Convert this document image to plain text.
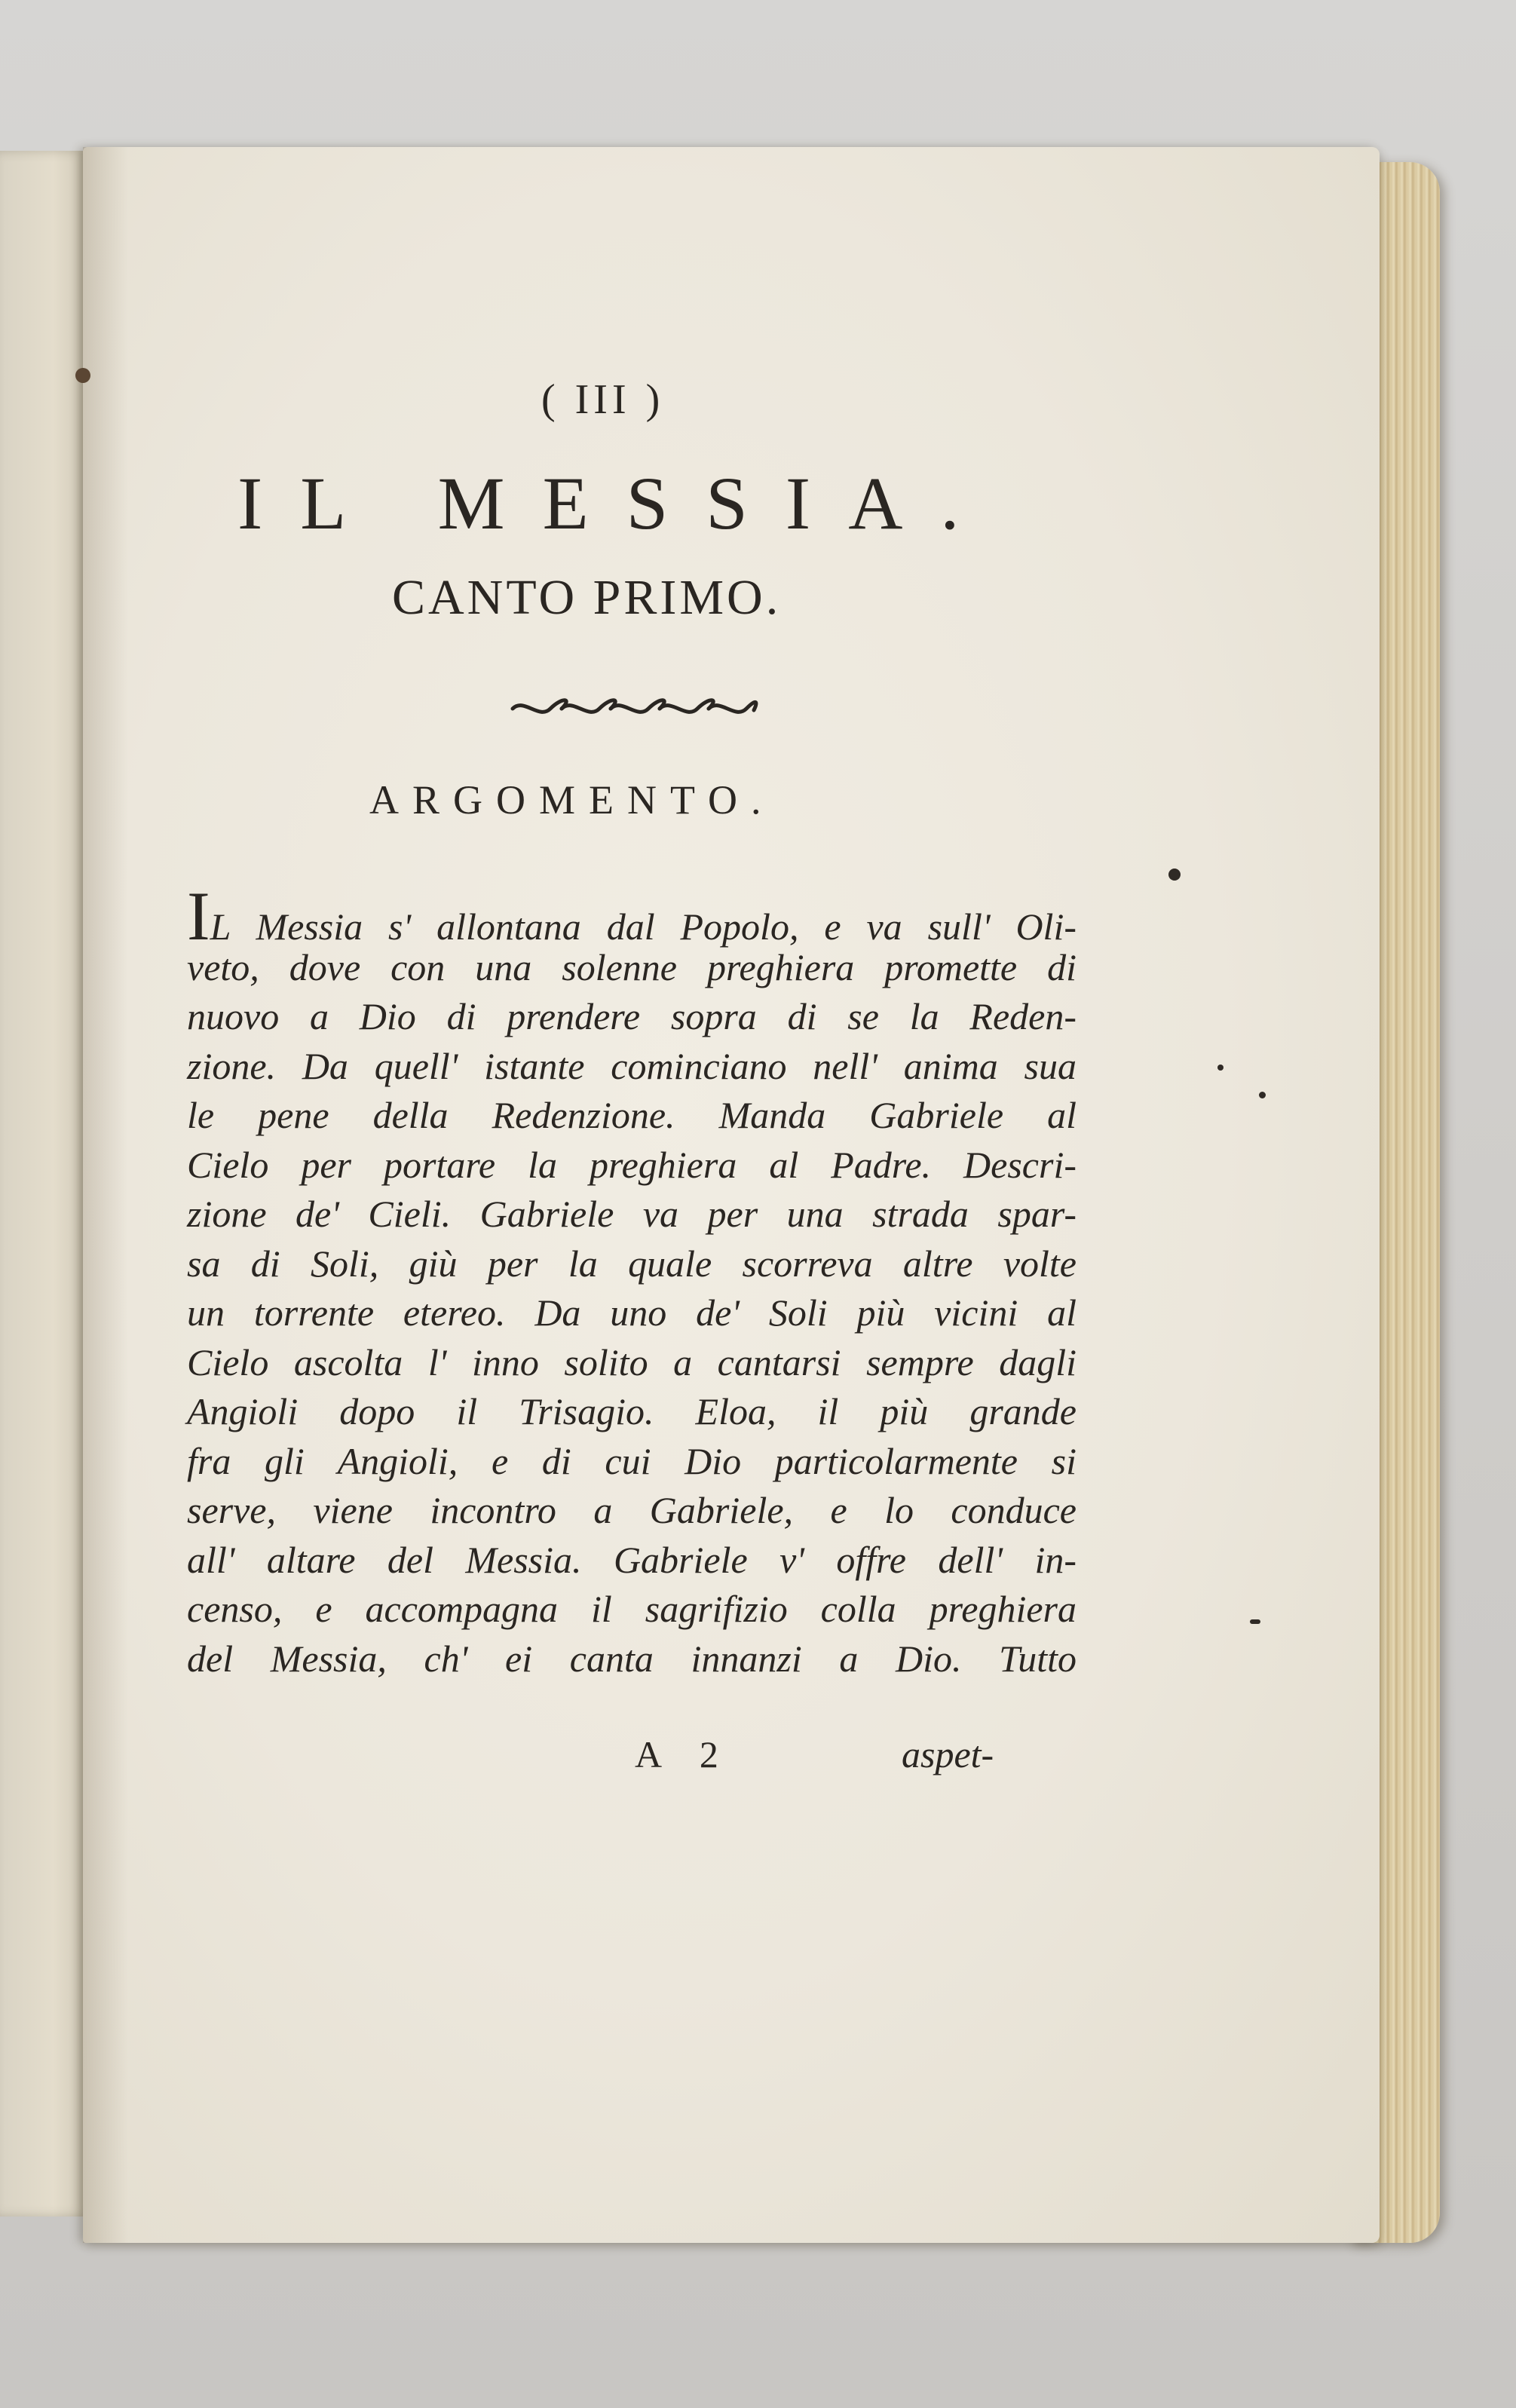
( III )
IL MESSIA.
CANTO PRIMO.
ARGOMENTO.
IL Messia s' allontana dal Popolo, e va sull' Oli-
veto, dove con una solenne preghiera promette di
nuovo a Dio di prendere sopra di se la Reden-
zione. Da quell' istante cominciano nell' anima sua
le pene della Redenzione. Manda Gabriele al
Cielo per portare la preghiera al Padre. Descri-
zione de' Cieli. Gabriele va per una strada spar-
sa di Soli, giù per la quale scorreva altre volte
un torrente etereo. Da uno de' Soli più vicini al
Cielo ascolta l' inno solito a cantarsi sempre dagli
Angioli dopo il Trisagio. Eloa, il più grande
fra gli Angioli, e di cui Dio particolarmente si
serve, viene incontro a Gabriele, e lo conduce
all' altare del Messia. Gabriele v' offre dell' in-
censo, e accompagna il sagrifizio colla preghiera
del Messia, ch' ei canta innanzi a Dio. Tutto
A 2	aspet-
